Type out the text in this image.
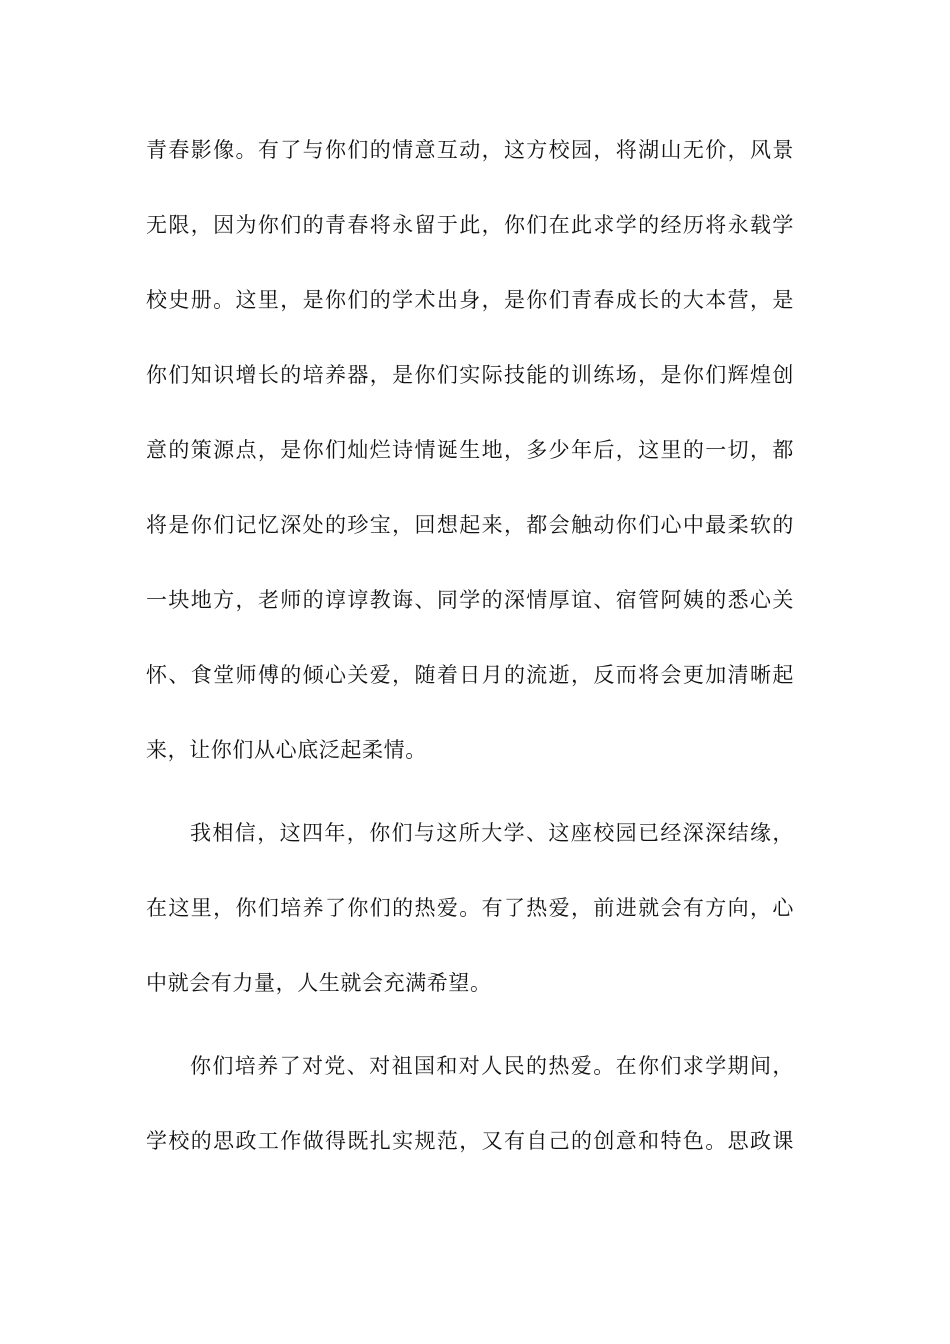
青春影像。有了与你们的情意互动，这方校园，将湖山无价，风景
无限，因为你们的青春将永留于此，你们在此求学的经历将永载学
校史册。这里，是你们的学术出身，是你们青春成长的大本营，是
你们知识增长的培养器，是你们实际技能的训练场，是你们辉煌创
意的策源点，是你们灿烂诗情诞生地，多少年后，这里的一切，都
将是你们记忆深处的珍宝，回想起来，都会触动你们心中最柔软的
一块地方，老师的谆谆教诲、同学的深情厚谊、宿管阿姨的悉心关
怀、食堂师傅的倾心关爱，随着日月的流逝，反而将会更加清晰起
来，让你们从心底泛起柔情。
我相信，这四年，你们与这所大学、这座校园已经深深结缘，
在这里，你们培养了你们的热爱。有了热爱，前进就会有方向，心
中就会有力量，人生就会充满希望。
你们培养了对党、对祖国和对人民的热爱。在你们求学期间，
学校的思政工作做得既扎实规范，又有自己的创意和特色。思政课
